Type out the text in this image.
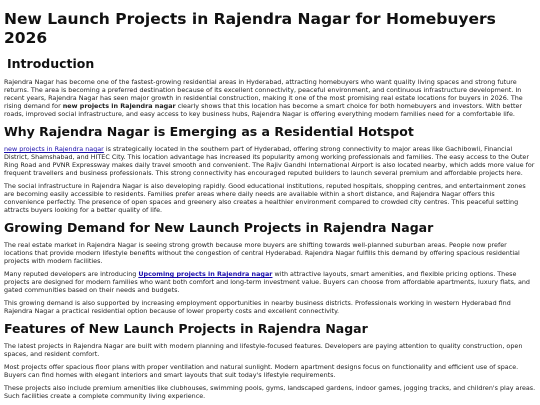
New Launch Projects in Rajendra Nagar for Homebuyers 2026
Introduction

Rajendra Nagar has become one of the fastest-growing residential areas in Hyderabad, attracting homebuyers who want quality living spaces and strong future returns. The area is becoming a preferred destination because of its excellent connectivity, peaceful environment, and continuous infrastructure development. In recent years, Rajendra Nagar has seen major growth in residential construction, making it one of the most promising real estate locations for buyers in 2026. The rising demand for new projects in Rajendra nagar clearly shows that this location has become a smart choice for both homebuyers and investors. With better roads, improved social infrastructure, and easy access to key business hubs, Rajendra Nagar is offering everything modern families need for a comfortable life.

Why Rajendra Nagar is Emerging as a Residential Hotspot

new projects in Rajendra nagar is strategically located in the southern part of Hyderabad, offering strong connectivity to major areas like Gachibowli, Financial District, Shamshabad, and HITEC City. This location advantage has increased its popularity among working professionals and families. The easy access to the Outer Ring Road and PVNR Expressway makes daily travel smooth and convenient. The Rajiv Gandhi International Airport is also located nearby, which adds more value for frequent travellers and business professionals. This strong connectivity has encouraged reputed builders to launch several premium and affordable projects here.

The social infrastructure in Rajendra Nagar is also developing rapidly. Good educational institutions, reputed hospitals, shopping centres, and entertainment zones are becoming easily accessible to residents. Families prefer areas where daily needs are available within a short distance, and Rajendra Nagar offers this convenience perfectly. The presence of open spaces and greenery also creates a healthier environment compared to crowded city centres. This peaceful setting attracts buyers looking for a better quality of life.

Growing Demand for New Launch Projects in Rajendra Nagar

The real estate market in Rajendra Nagar is seeing strong growth because more buyers are shifting towards well-planned suburban areas. People now prefer locations that provide modern lifestyle benefits without the congestion of central Hyderabad. Rajendra Nagar fulfills this demand by offering spacious residential projects with modern facilities.

Many reputed developers are introducing Upcoming projects in Rajendra nagar with attractive layouts, smart amenities, and flexible pricing options. These projects are designed for modern families who want both comfort and long-term investment value. Buyers can choose from affordable apartments, luxury flats, and gated communities based on their needs and budgets.

This growing demand is also supported by increasing employment opportunities in nearby business districts. Professionals working in western Hyderabad find Rajendra Nagar a practical residential option because of lower property costs and excellent connectivity.

Features of New Launch Projects in Rajendra Nagar

The latest projects in Rajendra Nagar are built with modern planning and lifestyle-focused features. Developers are paying attention to quality construction, open spaces, and resident comfort.

Most projects offer spacious floor plans with proper ventilation and natural sunlight. Modern apartment designs focus on functionality and efficient use of space. Buyers can find homes with elegant interiors and smart layouts that suit today's lifestyle requirements.

These projects also include premium amenities like clubhouses, swimming pools, gyms, landscaped gardens, indoor games, jogging tracks, and children's play areas. Such facilities create a complete community living experience.
